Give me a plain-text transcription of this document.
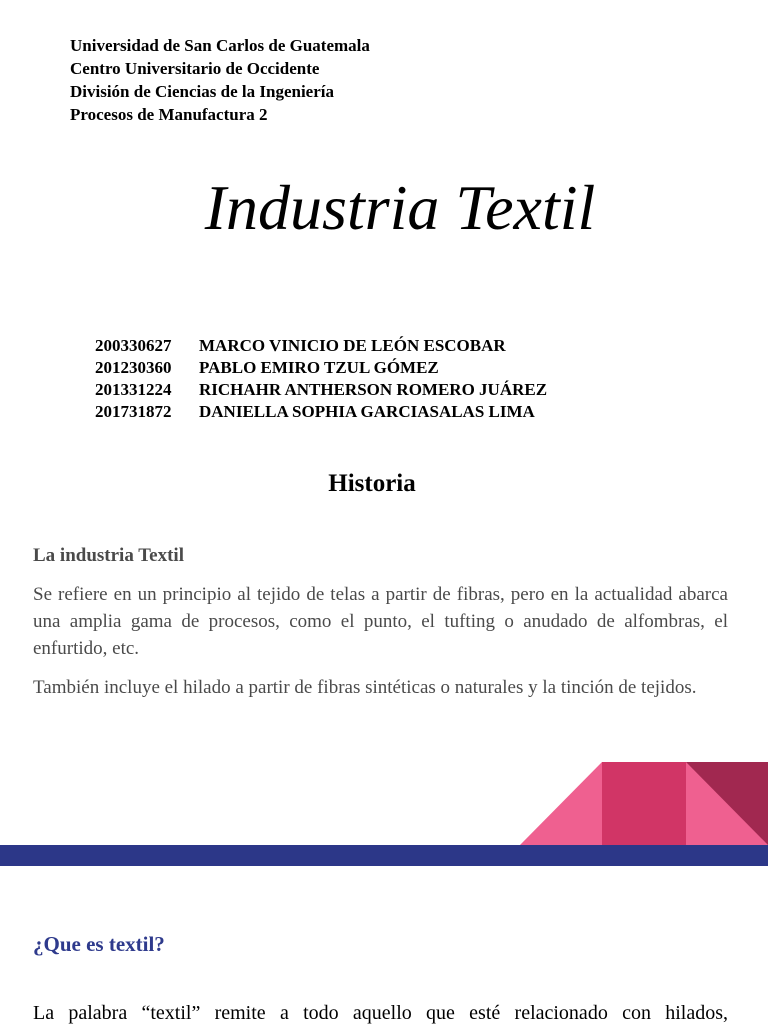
Universidad de San Carlos de Guatemala
Centro Universitario de Occidente
División de Ciencias de la Ingeniería
Procesos de Manufactura 2
Industria Textil
200330627	MARCO VINICIO DE LEÓN ESCOBAR
201230360	PABLO EMIRO TZUL GÓMEZ
201331224	RICHAHR ANTHERSON ROMERO JUÁREZ
201731872	DANIELLA SOPHIA GARCIASALAS LIMA
Historia
La industria Textil

Se refiere en un principio al tejido de telas a partir de fibras, pero en la actualidad abarca una amplia gama de procesos, como el punto, el tufting o anudado de alfombras, el enfurtido, etc.

También incluye el hilado a partir de fibras sintéticas o naturales y la tinción de tejidos.

¿Que es textil?

La palabra “textil” remite a todo aquello que esté relacionado con hilados,
